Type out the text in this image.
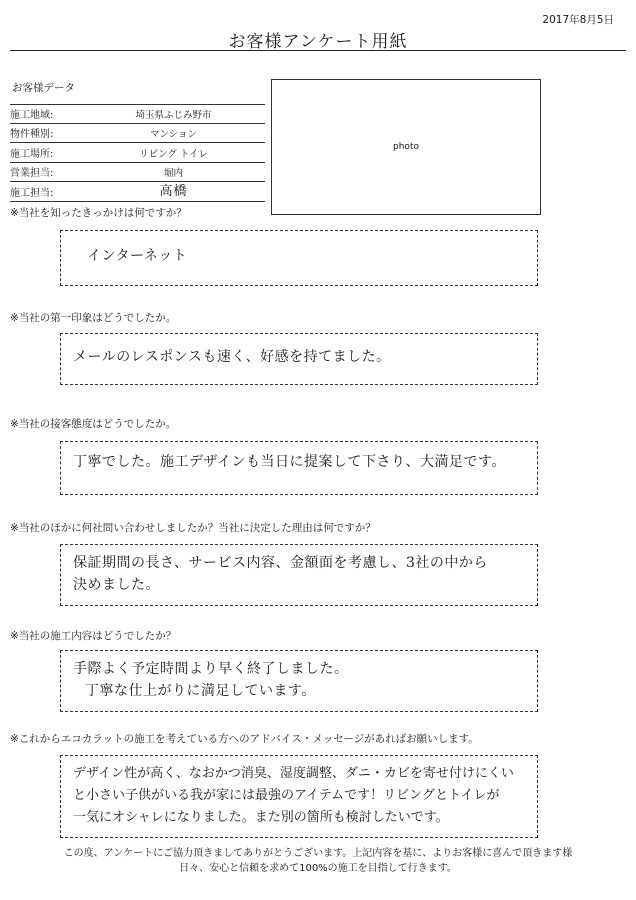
2017年8月5日
お客様アンケート用紙
お客様データ
施工地域:	埼玉県ふじみ野市
物件種別:	マンション
施工場所:	リビング トイレ
営業担当:	堀内
施工担当:	高橋
photo
※当社を知ったきっかけは何ですか？
インターネット
※当社の第一印象はどうでしたか。
メールのレスポンスも速く、好感を持てました。
※当社の接客態度はどうでしたか。
丁寧でした。施工デザインも当日に提案して下さり、大満足です。
※当社のほかに何社問い合わせしましたか？当社に決定した理由は何ですか？
保証期間の長さ、サービス内容、金額面を考慮し、3社の中から
決めました。
※当社の施工内容はどうでしたか？
手際よく予定時間より早く終了しました。
丁寧な仕上がりに満足しています。
※これからエコカラットの施工を考えている方へのアドバイス・メッセージがあればお願いします。
デザイン性が高く、なおかつ消臭、湿度調整、ダニ・カビを寄せ付けにくい
と小さい子供がいる我が家には最強のアイテムです！リビングとトイレが
一気にオシャレになりました。また別の箇所も検討したいです。
この度、アンケートにご協力頂きましてありがとうございます。上記内容を基に、よりお客様に喜んで頂きます様
日々、安心と信頼を求めて100%の施工を目指して行きます。
